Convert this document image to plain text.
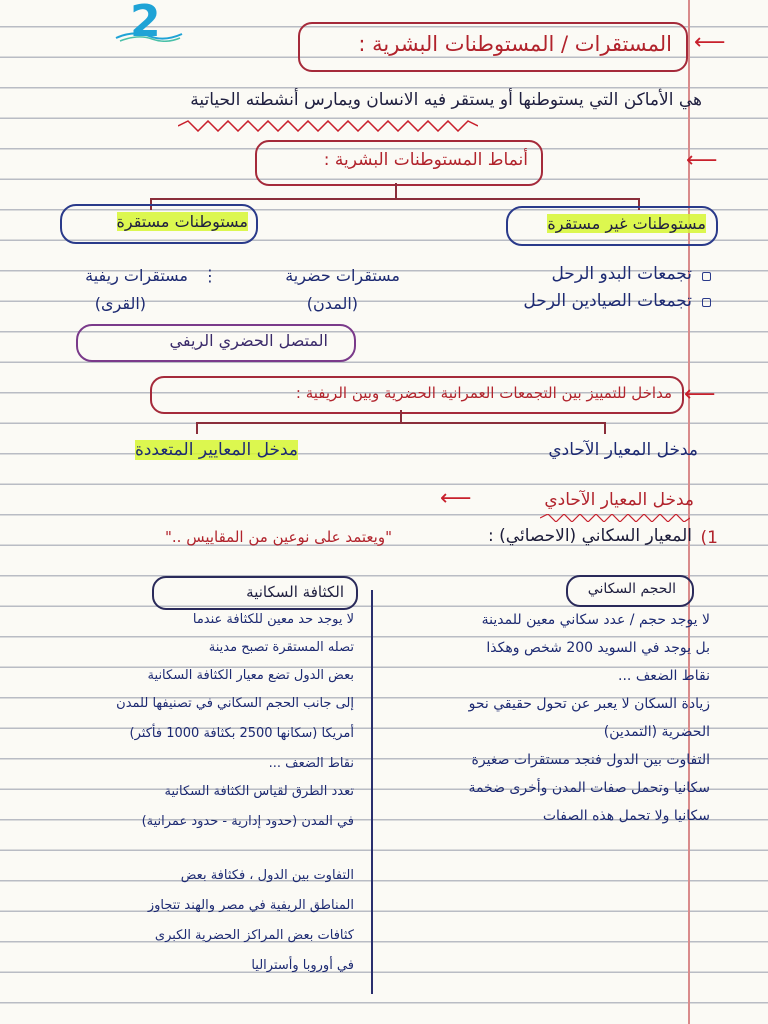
2	المستقرات / المستوطنات البشرية : ⟵
هي الأماكن التي يستوطنها أو يستقر فيه الانسان ويمارس أنشطته الحياتية
أنماط المستوطنات البشرية :	⟵
مستوطنات غير مستقرة
تجمعات البدو الرحل
تجمعات الصيادين الرحل
مستوطنات مستقرة
مستقرات حضرية
(المدن)
مستقرات ريفية
(القرى)
⋮
المتصل الحضري الريفي
مداخل للتمييز بين التجمعات العمرانية الحضرية وبين الريفية : ⟵
مدخل المعيار الآحادي
مدخل المعايير المتعددة
مدخل المعيار الآحادي
⟵
1)
المعيار السكاني (الاحصائي) :
"ويعتمد على نوعين من المقاييس .."
الحجم السكاني
الكثافة السكانية
لا يوجد حجم / عدد سكاني معين للمدينة
بل يوجد في السويد 200 شخص وهكذا
نقاط الضعف ...
زيادة السكان لا يعبر عن تحول حقيقي نحو
الحضرية (التمدين)
التفاوت بين الدول فنجد مستقرات صغيرة
سكانيا وتحمل صفات المدن وأخرى ضخمة
سكانيا ولا تحمل هذه الصفات
لا يوجد حد معين للكثافة عندما
تصله المستقرة تصبح مدينة
بعض الدول تضع معيار الكثافة السكانية
إلى جانب الحجم السكاني في تصنيفها للمدن
أمريكا (سكانها 2500 بكثافة 1000 فأكثر)
نقاط الضعف ...
تعدد الطرق لقياس الكثافة السكانية
في المدن (حدود إدارية - حدود عمرانية)
التفاوت بين الدول ، فكثافة بعض
المناطق الريفية في مصر والهند تتجاوز
كثافات بعض المراكز الحضرية الكبرى
في أوروبا وأستراليا
